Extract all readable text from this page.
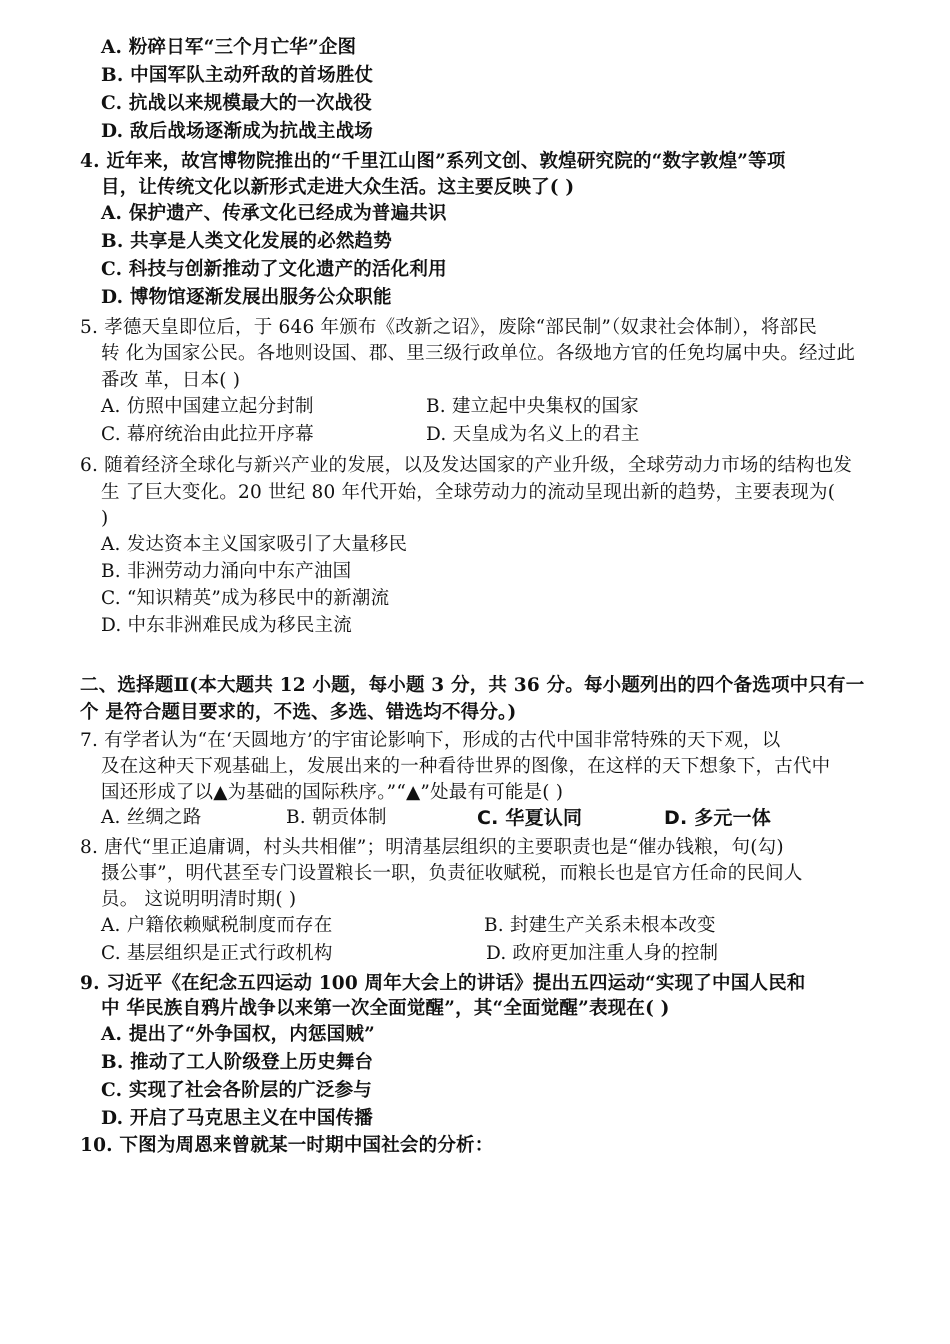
A. 粉碎日军“三个月亡华”企图
B. 中国军队主动歼敌的首场胜仗
C. 抗战以来规模最大的一次战役
D. 敌后战场逐渐成为抗战主战场
4. 近年来，故宫博物院推出的“千里江山图”系列文创、敦煌研究院的“数字敦煌”等项
目，让传统文化以新形式走进大众生活。这主要反映了( )
A. 保护遗产、传承文化已经成为普遍共识
B. 共享是人类文化发展的必然趋势
C. 科技与创新推动了文化遗产的活化利用
D. 博物馆逐渐发展出服务公众职能
5. 孝德天皇即位后，于 646 年颁布《改新之诏》，废除“部民制”（奴隶社会体制），将部民
转 化为国家公民。各地则设国、郡、里三级行政单位。各级地方官的任免均属中央。经过此
番改 革，日本( )
A. 仿照中国建立起分封制	B. 建立起中央集权的国家
C. 幕府统治由此拉开序幕	D. 天皇成为名义上的君主
6. 随着经济全球化与新兴产业的发展，以及发达国家的产业升级，全球劳动力市场的结构也发
生 了巨大变化。20 世纪 80 年代开始，全球劳动力的流动呈现出新的趋势，主要表现为(
)
A. 发达资本主义国家吸引了大量移民
B. 非洲劳动力涌向中东产油国
C. “知识精英”成为移民中的新潮流
D. 中东非洲难民成为移民主流
二、选择题Ⅱ(本大题共 12 小题，每小题 3 分，共 36 分。每小题列出的四个备选项中只有一
个 是符合题目要求的，不选、多选、错选均不得分。)
7. 有学者认为“在‘天圆地方’的宇宙论影响下，形成的古代中国非常特殊的天下观，以
及在这种天下观基础上，发展出来的一种看待世界的图像，在这样的天下想象下，古代中
国还形成了以▲为基础的国际秩序。”“▲”处最有可能是( )
A. 丝绸之路	B. 朝贡体制	C. 华夏认同	D. 多元一体
8. 唐代“里正追庸调，村头共相催”；明清基层组织的主要职责也是“催办钱粮，句(勾)
摄公事”，明代甚至专门设置粮长一职，负责征收赋税，而粮长也是官方任命的民间人
员。 这说明明清时期( )
A. 户籍依赖赋税制度而存在	B. 封建生产关系未根本改变
C. 基层组织是正式行政机构	D. 政府更加注重人身的控制
9. 习近平《在纪念五四运动 100 周年大会上的讲话》提出五四运动“实现了中国人民和
中 华民族自鸦片战争以来第一次全面觉醒”，其“全面觉醒”表现在( )
A. 提出了“外争国权，内惩国贼”
B. 推动了工人阶级登上历史舞台
C. 实现了社会各阶层的广泛参与
D. 开启了马克思主义在中国传播
10. 下图为周恩来曾就某一时期中国社会的分析：
